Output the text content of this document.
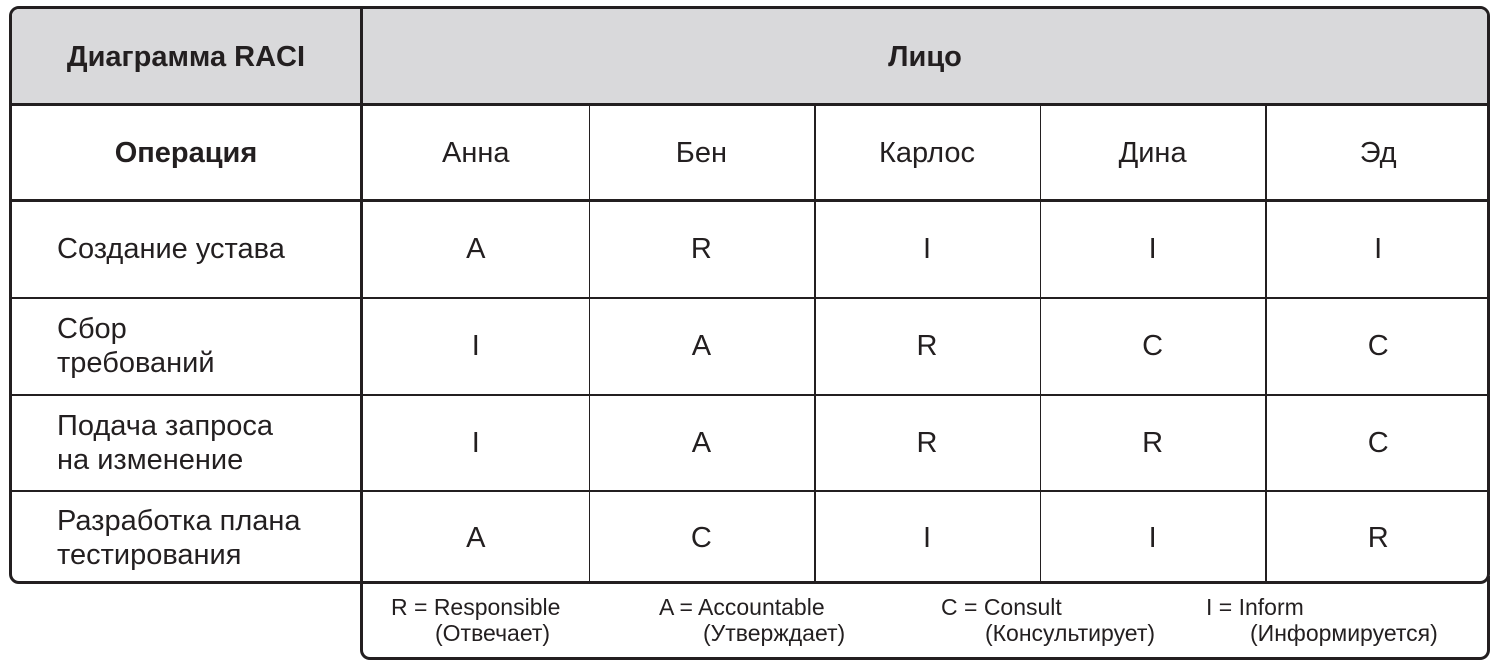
Диаграмма RACI	Лицо
Операция	Анна	Бен	Карлос	Дина	Эд
Создание устава	A	R	I	I	I
Сбор
требований
I	A	R	C	C
Подача запроса
на изменение
I	A	R	R	C
Разработка плана
тестирования
A	C	I	I	R
R = Responsible
(Отвечает)
A = Accountable
(Утверждает)
C = Consult
(Консультирует)
I = Inform
(Информируется)
